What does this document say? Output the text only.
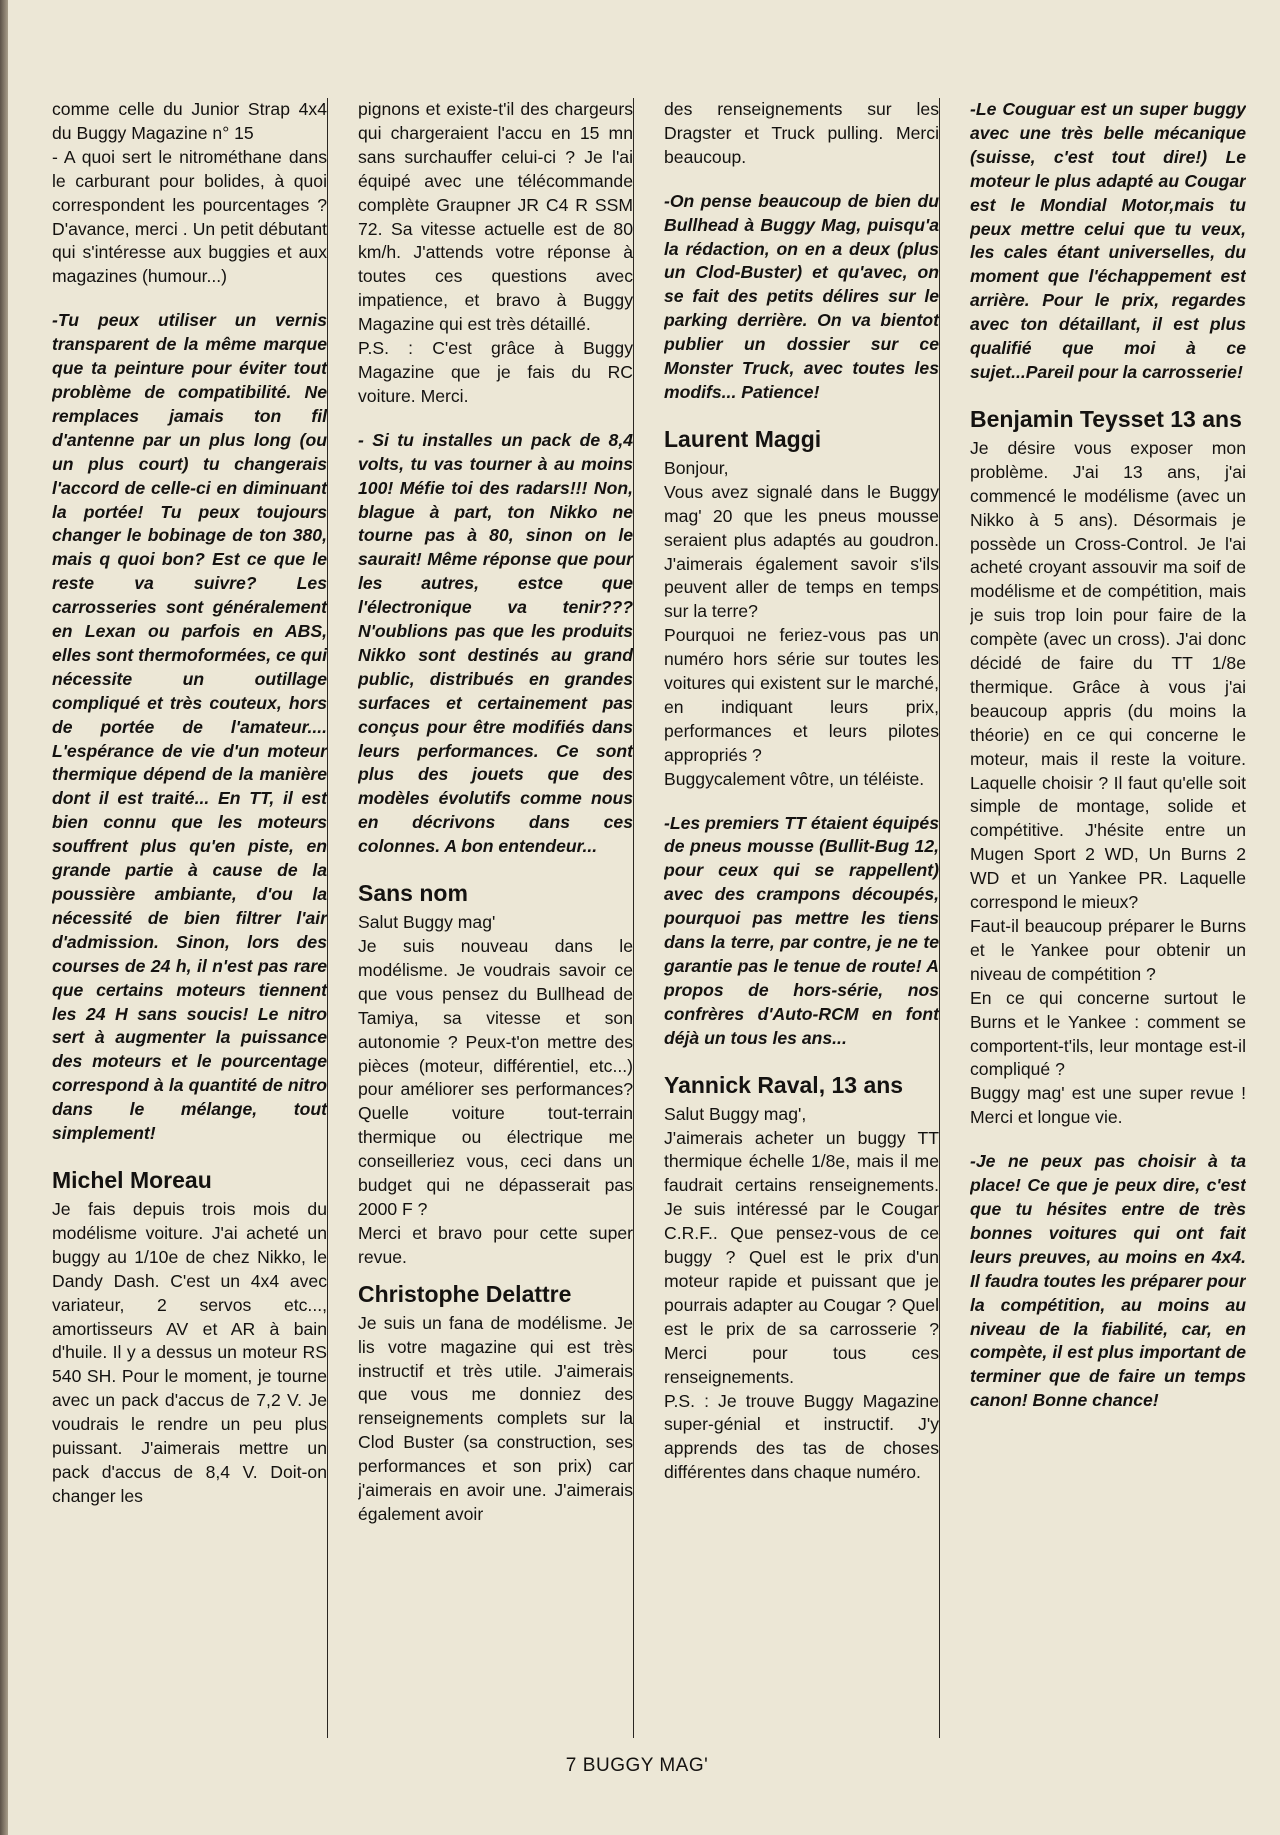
comme celle du Junior Strap 4x4 du Buggy Magazine n° 15
- A quoi sert le nitrométhane dans le carburant pour bolides, à quoi correspondent les pourcentages ? D'avance, merci . Un petit débutant qui s'intéresse aux buggies et aux magazines (humour...)

-Tu peux utiliser un vernis transparent de la même marque que ta peinture pour éviter tout problème de compatibilité. Ne remplaces jamais ton fil d'antenne par un plus long (ou un plus court) tu changerais l'accord de celle-ci en diminuant la portée! Tu peux toujours changer le bobinage de ton 380, mais q quoi bon? Est ce que le reste va suivre? Les carrosseries sont généralement en Lexan ou parfois en ABS, elles sont thermoformées, ce qui nécessite un outillage compliqué et très couteux, hors de portée de l'amateur.... L'espérance de vie d'un moteur thermique dépend de la manière dont il est traité... En TT, il est bien connu que les moteurs souffrent plus qu'en piste, en grande partie à cause de la poussière ambiante, d'ou la nécessité de bien filtrer l'air d'admission. Sinon, lors des courses de 24 h, il n'est pas rare que certains moteurs tiennent les 24 H sans soucis! Le nitro sert à augmenter la puissance des moteurs et le pourcentage correspond à la quantité de nitro dans le mélange, tout simplement!

Michel Moreau

Je fais depuis trois mois du modélisme voiture. J'ai acheté un buggy au 1/10e de chez Nikko, le Dandy Dash. C'est un 4x4 avec variateur, 2 servos etc..., amortisseurs AV et AR à bain d'huile. Il y a dessus un moteur RS 540 SH. Pour le moment, je tourne avec un pack d'accus de 7,2 V. Je voudrais le rendre un peu plus puissant. J'aimerais mettre un pack d'accus de 8,4 V. Doit-on changer les

pignons et existe-t'il des chargeurs qui chargeraient l'accu en 15 mn sans surchauffer celui-ci ? Je l'ai équipé avec une télécommande complète Graupner JR C4 R SSM 72. Sa vitesse actuelle est de 80 km/h. J'attends votre réponse à toutes ces questions avec impatience, et bravo à Buggy Magazine qui est très détaillé.
P.S. : C'est grâce à Buggy Magazine que je fais du RC voiture. Merci.

- Si tu installes un pack de 8,4 volts, tu vas tourner à au moins 100! Méfie toi des radars!!! Non, blague à part, ton Nikko ne tourne pas à 80, sinon on le saurait! Même réponse que pour les autres, estce que l'électronique va tenir??? N'oublions pas que les produits Nikko sont destinés au grand public, distribués en grandes surfaces et certainement pas conçus pour être modifiés dans leurs performances. Ce sont plus des jouets que des modèles évolutifs comme nous en décrivons dans ces colonnes. A bon entendeur...

Sans nom

Salut Buggy mag'
Je suis nouveau dans le modélisme. Je voudrais savoir ce que vous pensez du Bullhead de Tamiya, sa vitesse et son autonomie ? Peux-t'on mettre des pièces (moteur, différentiel, etc...) pour améliorer ses performances? Quelle voiture tout-terrain thermique ou électrique me conseilleriez vous, ceci dans un budget qui ne dépasserait pas 2000 F ?
Merci et bravo pour cette super revue.

Christophe Delattre

Je suis un fana de modélisme. Je lis votre magazine qui est très instructif et très utile. J'aimerais que vous me donniez des renseignements complets sur la Clod Buster (sa construction, ses performances et son prix) car j'aimerais en avoir une. J'aimerais également avoir

des renseignements sur les Dragster et Truck pulling. Merci beaucoup.

-On pense beaucoup de bien du Bullhead à Buggy Mag, puisqu'a la rédaction, on en a deux (plus un Clod-Buster) et qu'avec, on se fait des petits délires sur le parking derrière. On va bientot publier un dossier sur ce Monster Truck, avec toutes les modifs... Patience!

Laurent Maggi

Bonjour,
Vous avez signalé dans le Buggy mag' 20 que les pneus mousse seraient plus adaptés au goudron. J'aimerais également savoir s'ils peuvent aller de temps en temps sur la terre?
Pourquoi ne feriez-vous pas un numéro hors série sur toutes les voitures qui existent sur le marché, en indiquant leurs prix, performances et leurs pilotes appropriés ?
Buggycalement vôtre, un téléiste.

-Les premiers TT étaient équipés de pneus mousse (Bullit-Bug 12, pour ceux qui se rappellent) avec des crampons découpés, pourquoi pas mettre les tiens dans la terre, par contre, je ne te garantie pas le tenue de route! A propos de hors-série, nos confrères d'Auto-RCM en font déjà un tous les ans...

Yannick Raval, 13 ans

Salut Buggy mag',
J'aimerais acheter un buggy TT thermique échelle 1/8e, mais il me faudrait certains renseignements. Je suis intéressé par le Cougar C.R.F.. Que pensez-vous de ce buggy ? Quel est le prix d'un moteur rapide et puissant que je pourrais adapter au Cougar ? Quel est le prix de sa carrosserie ? Merci pour tous ces renseignements.
P.S. : Je trouve Buggy Magazine super-génial et instructif. J'y apprends des tas de choses différentes dans chaque numéro.

-Le Couguar est un super buggy avec une très belle mécanique (suisse, c'est tout dire!) Le moteur le plus adapté au Cougar est le Mondial Motor,mais tu peux mettre celui que tu veux, les cales étant universelles, du moment que l'échappement est arrière. Pour le prix, regardes avec ton détaillant, il est plus qualifié que moi à ce sujet...Pareil pour la carrosserie!

Benjamin Teysset 13 ans

Je désire vous exposer mon problème. J'ai 13 ans, j'ai commencé le modélisme (avec un Nikko à 5 ans). Désormais je possède un Cross-Control. Je l'ai acheté croyant assouvir ma soif de modélisme et de compétition, mais je suis trop loin pour faire de la compète (avec un cross). J'ai donc décidé de faire du TT 1/8e thermique. Grâce à vous j'ai beaucoup appris (du moins la théorie) en ce qui concerne le moteur, mais il reste la voiture. Laquelle choisir ? Il faut qu'elle soit simple de montage, solide et compétitive. J'hésite entre un Mugen Sport 2 WD, Un Burns 2 WD et un Yankee PR. Laquelle correspond le mieux?
Faut-il beaucoup préparer le Burns et le Yankee pour obtenir un niveau de compétition ?
En ce qui concerne surtout le Burns et le Yankee : comment se comportent-t'ils, leur montage est-il compliqué ?
Buggy mag' est une super revue ! Merci et longue vie.

-Je ne peux pas choisir à ta place! Ce que je peux dire, c'est que tu hésites entre de très bonnes voitures qui ont fait leurs preuves, au moins en 4x4. Il faudra toutes les préparer pour la compétition, au moins au niveau de la fiabilité, car, en compète, il est plus important de terminer que de faire un temps canon! Bonne chance!

7 BUGGY MAG'
